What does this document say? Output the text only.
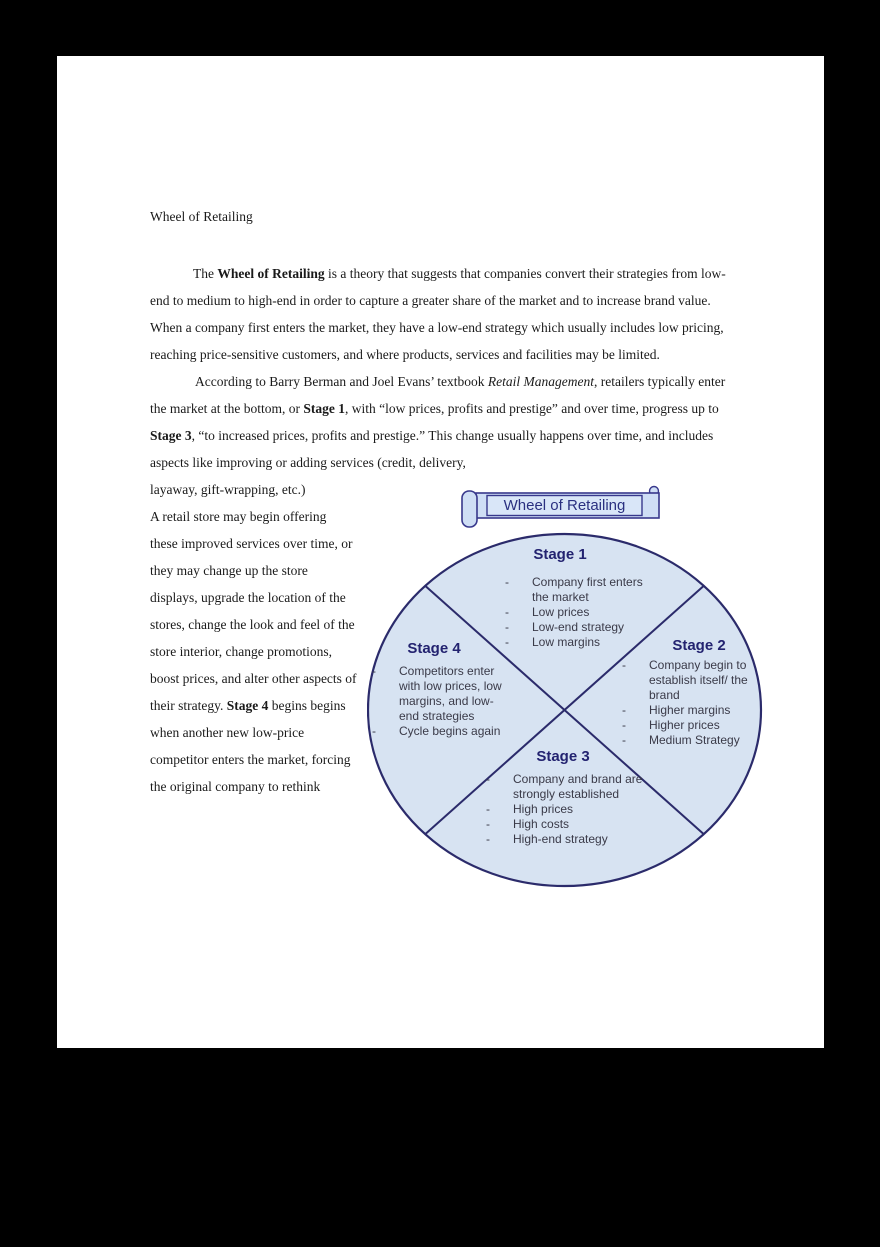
Wheel of Retailing

The Wheel of Retailing is a theory that suggests that companies convert their strategies from low-end to medium to high-end in order to capture a greater share of the market and to increase brand value. When a company first enters the market, they have a low-end strategy which usually includes low pricing, reaching price-sensitive customers, and where products, services and facilities may be limited.

According to Barry Berman and Joel Evans’ textbook Retail Management, retailers typically enter the market at the bottom, or Stage 1, with “low prices, profits and prestige” and over time, progress up to Stage 3, “to increased prices, profits and prestige.” This change usually happens over time, and includes aspects like improving or adding services (credit, delivery,

Wheel of Retailing
Stage 1
-	Company first enters the market
-	Low prices
-	Low-end strategy
-	Low margins	Stage 2
-	Company begin to establish itself/ the brand
-	Higher margins
-	Higher prices
-	Medium Strategy
Stage 4
-	Competitors enter with low prices, low margins, and low-end strategies
-	Cycle begins again
Stage 3
-	Company and brand are strongly established
-	High prices
-	High costs
-	High-end strategy

layaway, gift-wrapping, etc.)

A retail store may begin offering these improved services over time, or they may change up the store displays, upgrade the location of the stores, change the look and feel of the store interior, change promotions, boost prices, and alter other aspects of their strategy. Stage 4 begins begins when another new low-price competitor enters the market, forcing the original company to rethink
